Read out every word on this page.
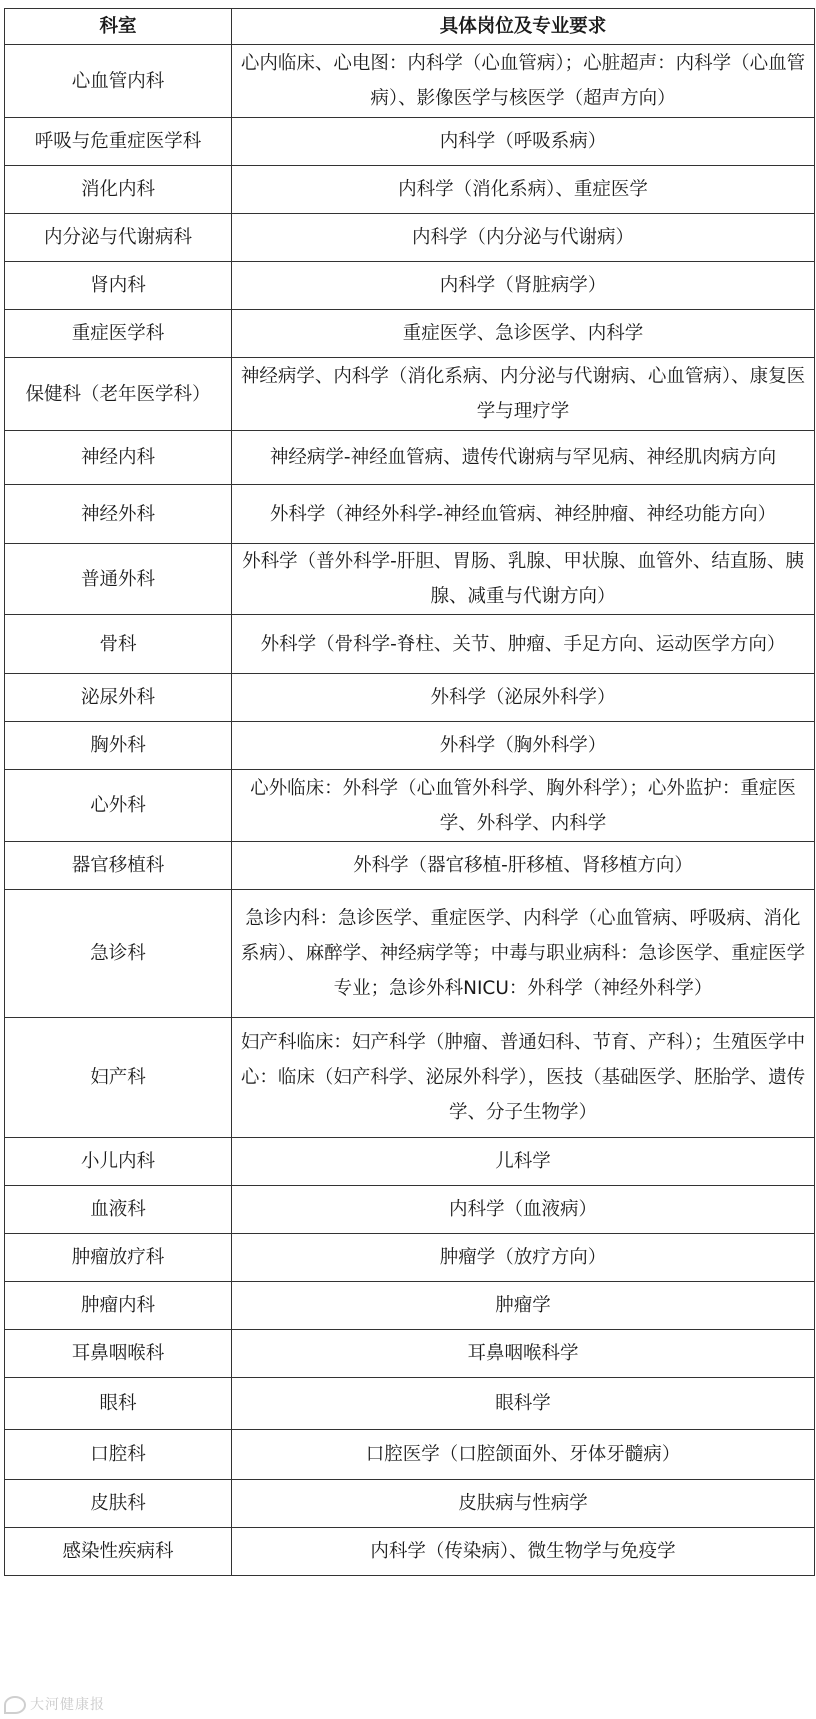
科室	具体岗位及专业要求
心血管内科	心内临床、心电图：内科学（心血管病）；心脏超声：内科学（心血管病）、影像医学与核医学（超声方向）
呼吸与危重症医学科	内科学（呼吸系病）
消化内科	内科学（消化系病）、重症医学
内分泌与代谢病科	内科学（内分泌与代谢病）
肾内科	内科学（肾脏病学）
重症医学科	重症医学、急诊医学、内科学
保健科（老年医学科）	神经病学、内科学（消化系病、内分泌与代谢病、心血管病）、康复医学与理疗学
神经内科	神经病学-神经血管病、遗传代谢病与罕见病、神经肌肉病方向
神经外科	外科学（神经外科学-神经血管病、神经肿瘤、神经功能方向）
普通外科	外科学（普外科学-肝胆、胃肠、乳腺、甲状腺、血管外、结直肠、胰腺、减重与代谢方向）
骨科	外科学（骨科学-脊柱、关节、肿瘤、手足方向、运动医学方向）
泌尿外科	外科学（泌尿外科学）
胸外科	外科学（胸外科学）
心外科	心外临床：外科学（心血管外科学、胸外科学）；心外监护：重症医学、外科学、内科学
器官移植科	外科学（器官移植-肝移植、肾移植方向）
急诊科	急诊内科：急诊医学、重症医学、内科学（心血管病、呼吸病、消化系病）、麻醉学、神经病学等；中毒与职业病科：急诊医学、重症医学专业；急诊外科NICU：外科学（神经外科学）
妇产科	妇产科临床：妇产科学（肿瘤、普通妇科、节育、产科）；生殖医学中心：临床（妇产科学、泌尿外科学），医技（基础医学、胚胎学、遗传学、分子生物学）
小儿内科	儿科学
血液科	内科学（血液病）
肿瘤放疗科	肿瘤学（放疗方向）
肿瘤内科	肿瘤学
耳鼻咽喉科	耳鼻咽喉科学
眼科	眼科学
口腔科	口腔医学（口腔颌面外、牙体牙髓病）
皮肤科	皮肤病与性病学
感染性疾病科	内科学（传染病）、微生物学与免疫学
大河健康报
